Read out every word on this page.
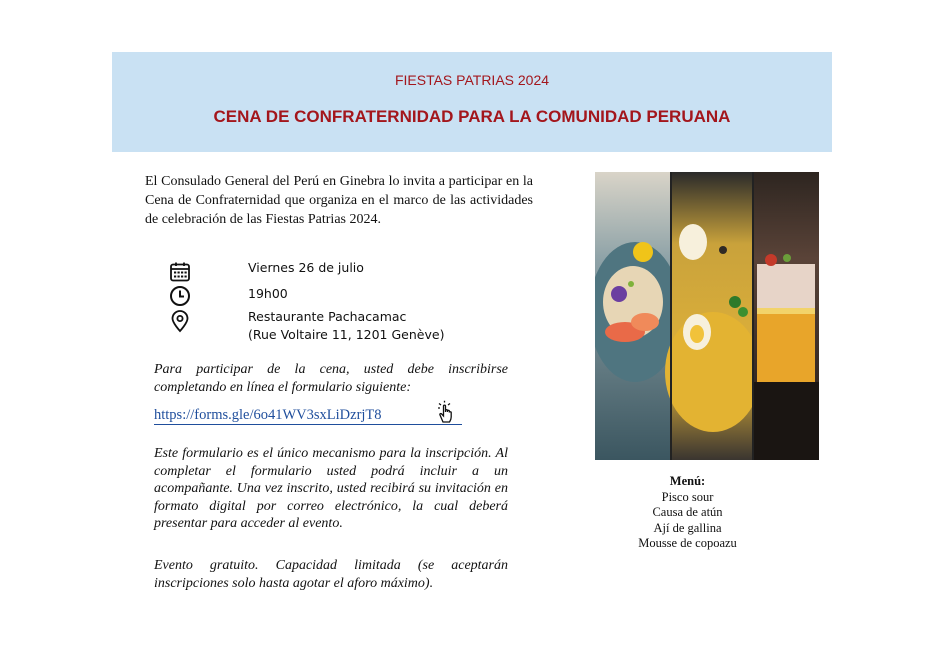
FIESTAS PATRIAS 2024
CENA DE CONFRATERNIDAD PARA LA COMUNIDAD PERUANA
El Consulado General del Perú en Ginebra lo invita a participar en la Cena de Confraternidad que organiza en el marco de las actividades de celebración de las Fiestas Patrias 2024.
Viernes 26 de julio
19h00
Restaurante Pachacamac
(Rue Voltaire 11, 1201 Genève)
Para participar de la cena, usted debe inscribirse completando en línea el formulario siguiente:
https://forms.gle/6o41WV3sxLiDzrjT8
Este formulario es el único mecanismo para la inscripción. Al completar el formulario usted podrá incluir a un acompañante. Una vez inscrito, usted recibirá su invitación en formato digital por correo electrónico, la cual deberá presentar para acceder al evento.
Evento gratuito. Capacidad limitada (se aceptarán inscripciones solo hasta agotar el aforo máximo).
Menú:
Pisco sour
Causa de atún
Ají de gallina
Mousse de copoazu
